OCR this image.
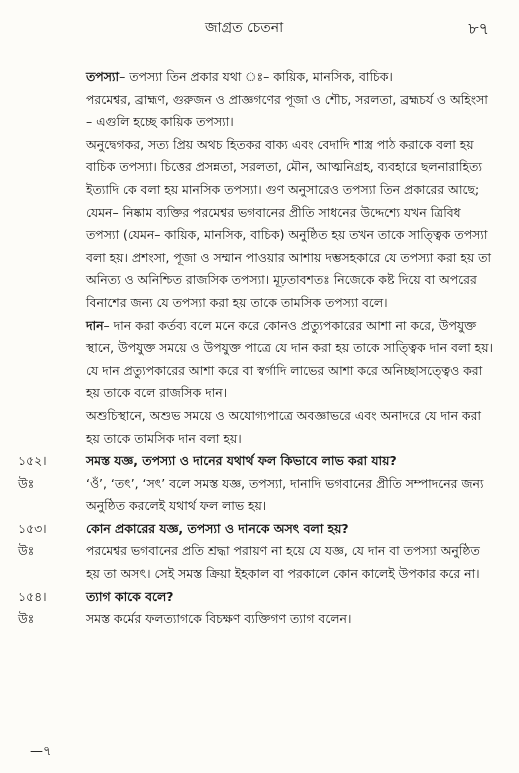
জাগ্রত চেতনা	৮৭

তপস্যা– তপস্যা তিন প্রকার যথা ঃ– কায়িক, মানসিক, বাচিক।

পরমেশ্বর, ব্রাহ্মণ, গুরুজন ও প্রাজ্ঞগণের পূজা ও শৌচ, সরলতা, ব্রহ্মচর্য ও অহিংসা – এগুলি হচ্ছে কায়িক তপস্যা।

অনুদ্বেগকর, সত্য প্রিয় অথচ হিতকর বাক্য এবং বেদাদি শাস্ত্র পাঠ করাকে বলা হয় বাচিক তপস্যা। চিত্তের প্রসন্নতা, সরলতা, মৌন, আত্মনিগ্রহ, ব্যবহারে ছলনারাহিত্য ইত্যাদি কে বলা হয় মানসিক তপস্যা। গুণ অনুসারেও তপস্যা তিন প্রকারের আছে; যেমন– নিষ্কাম ব্যক্তির পরমেশ্বর ভগবানের প্রীতি সাধনের উদ্দেশ্যে যখন ত্রিবিধ তপস্যা (যেমন– কায়িক, মানসিক, বাচিক) অনুষ্ঠিত হয় তখন তাকে সাত্ত্বিক তপস্যা বলা হয়। প্রশংসা, পূজা ও সম্মান পাওয়ার আশায় দম্ভসহকারে যে তপস্যা করা হয় তা অনিত্য ও অনিশ্চিত রাজসিক তপস্যা। মূঢ়তাবশতঃ নিজেকে কষ্ট দিয়ে বা অপরের বিনাশের জন্য যে তপস্যা করা হয় তাকে তামসিক তপস্যা বলে।

দান– দান করা কর্তব্য বলে মনে করে কোনও প্রত্যুপকারের আশা না করে, উপযুক্ত স্থানে, উপযুক্ত সময়ে ও উপযুক্ত পাত্রে যে দান করা হয় তাকে সাত্ত্বিক দান বলা হয়।

যে দান প্রত্যুপকারের আশা করে বা স্বর্গাদি লাভের আশা করে অনিচ্ছাসত্ত্বেও করা হয় তাকে বলে রাজসিক দান।

অশুচিস্থানে, অশুভ সময়ে ও অযোগ্যপাত্রে অবজ্ঞাভরে এবং অনাদরে যে দান করা হয় তাকে তামসিক দান বলা হয়।

১৫২।	সমস্ত যজ্ঞ, তপস্যা ও দানের যথার্থ ফল কিভাবে লাভ করা যায়?
উঃ	‘ওঁ’, ‘তৎ’, ‘সৎ’ বলে সমস্ত যজ্ঞ, তপস্যা, দানাদি ভগবানের প্রীতি সম্পাদনের জন্য অনুষ্ঠিত করলেই যথার্থ ফল লাভ হয়।
১৫৩।	কোন প্রকারের যজ্ঞ, তপস্যা ও দানকে অসৎ বলা হয়?
উঃ	পরমেশ্বর ভগবানের প্রতি শ্রদ্ধা পরায়ণ না হয়ে যে যজ্ঞ, যে দান বা তপস্যা অনুষ্ঠিত হয় তা অসৎ। সেই সমস্ত ক্রিয়া ইহকাল বা পরকালে কোন কালেই উপকার করে না।
১৫৪।	ত্যাগ কাকে বলে?
উঃ	সমস্ত কর্মের ফলত্যাগকে বিচক্ষণ ব্যক্তিগণ ত্যাগ বলেন।
—৭
